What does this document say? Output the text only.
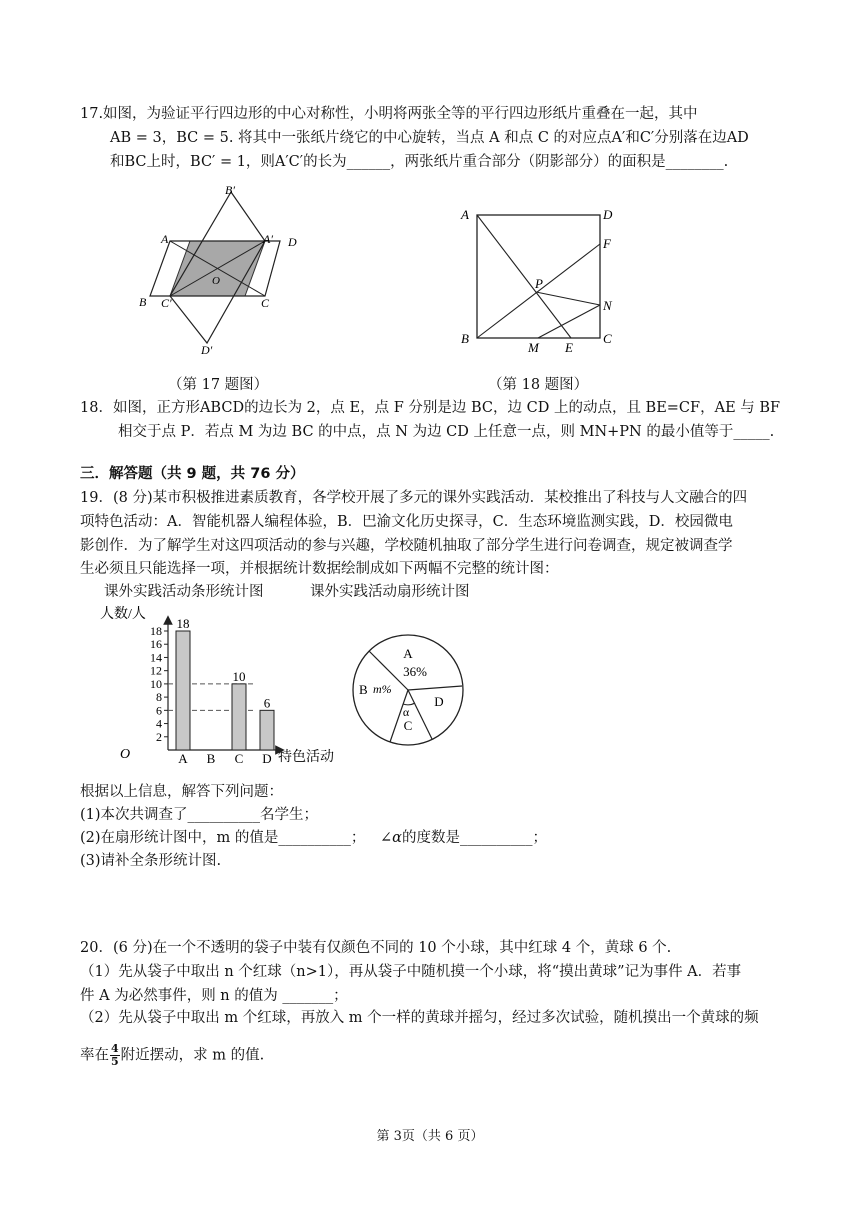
17.如图，为验证平行四边形的中心对称性，小明将两张全等的平行四边形纸片重叠在一起，其中
AB = 3，BC = 5. 将其中一张纸片绕它的中心旋转，当点 A 和点 C 的对应点A′和C′分别落在边AD
和BC上时，BC′ = 1，则A′C′的长为______，两张纸片重合部分（阴影部分）的面积是________.
B′
A	A′ D
O
B C′	C
D′
A	D
F
P
N
B
M E
C
（第 17 题图）	（第 18 题图）
18．如图，正方形ABCD的边长为 2，点 E，点 F 分别是边 BC，边 CD 上的动点，且 BE=CF，AE 与 BF
相交于点 P．若点 M 为边 BC 的中点，点 N 为边 CD 上任意一点，则 MN+PN 的最小值等于_____.
三．解答题（共 9 题，共 76 分）
19．(8 分)某市积极推进素质教育，各学校开展了多元的课外实践活动．某校推出了科技与人文融合的四
项特色活动：A．智能机器人编程体验，B．巴渝文化历史探寻，C．生态环境监测实践，D．校园微电
影创作．为了解学生对这四项活动的参与兴趣，学校随机抽取了部分学生进行问卷调查，规定被调查学
生必须且只能选择一项，并根据统计数据绘制成如下两幅不完整的统计图：
课外实践活动条形统计图	课外实践活动扇形统计图
人数/人
O	特色活动
2
4
6
8
10
12
14
16
18 18
A B
10
C
6
D
A
36%
B m%
C
α
D
根据以上信息，解答下列问题：
(1)本次共调查了__________名学生；
(2)在扇形统计图中，m 的值是__________； ∠α的度数是__________；
(3)请补全条形统计图.
20．(6 分)在一个不透明的袋子中装有仅颜色不同的 10 个小球，其中红球 4 个，黄球 6 个.
（1）先从袋子中取出 n 个红球（n>1），再从袋子中随机摸一个小球，将“摸出黄球”记为事件 A．若事
件 A 为必然事件，则 n 的值为 _______；
（2）先从袋子中取出 m 个红球，再放入 m 个一样的黄球并摇匀，经过多次试验，随机摸出一个黄球的频
率在 $\frac{4}{5}$ 附近摆动，求 m 的值.
第 3页（共 6 页）
